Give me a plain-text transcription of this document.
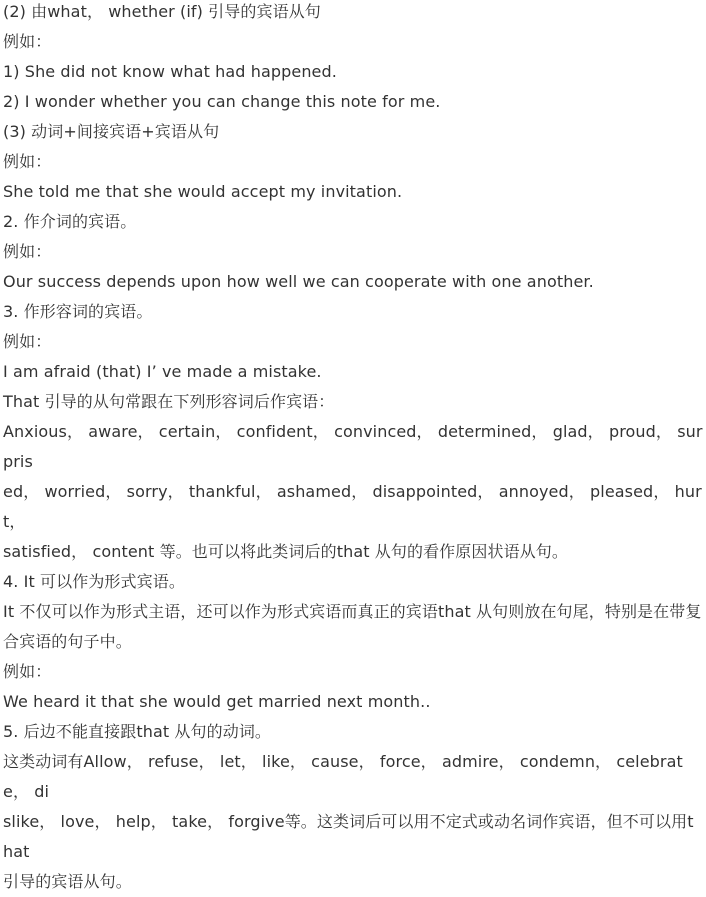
(2) 由what， whether (if) 引导的宾语从句

例如：

1) She did not know what had happened.

2) I wonder whether you can change this note for me.

(3) 动词+间接宾语+宾语从句

例如：

She told me that she would accept my invitation.

2. 作介词的宾语。

例如：

Our success depends upon how well we can cooperate with one another.

3. 作形容词的宾语。

例如：

I am afraid (that) I’ ve made a mistake.

That 引导的从句常跟在下列形容词后作宾语：

Anxious， aware， certain， confident， convinced， determined， glad， proud， surpris

ed， worried， sorry， thankful， ashamed， disappointed， annoyed， pleased， hurt，

satisfied， content 等。也可以将此类词后的that 从句的看作原因状语从句。

4. It 可以作为形式宾语。

It 不仅可以作为形式主语，还可以作为形式宾语而真正的宾语that 从句则放在句尾，特别是在带复

合宾语的句子中。

例如：

We heard it that she would get married next month..

5. 后边不能直接跟that 从句的动词。

这类动词有Allow， refuse， let， like， cause， force， admire， condemn， celebrate， di

slike， love， help， take， forgive等。这类词后可以用不定式或动名词作宾语，但不可以用that

引导的宾语从句。
